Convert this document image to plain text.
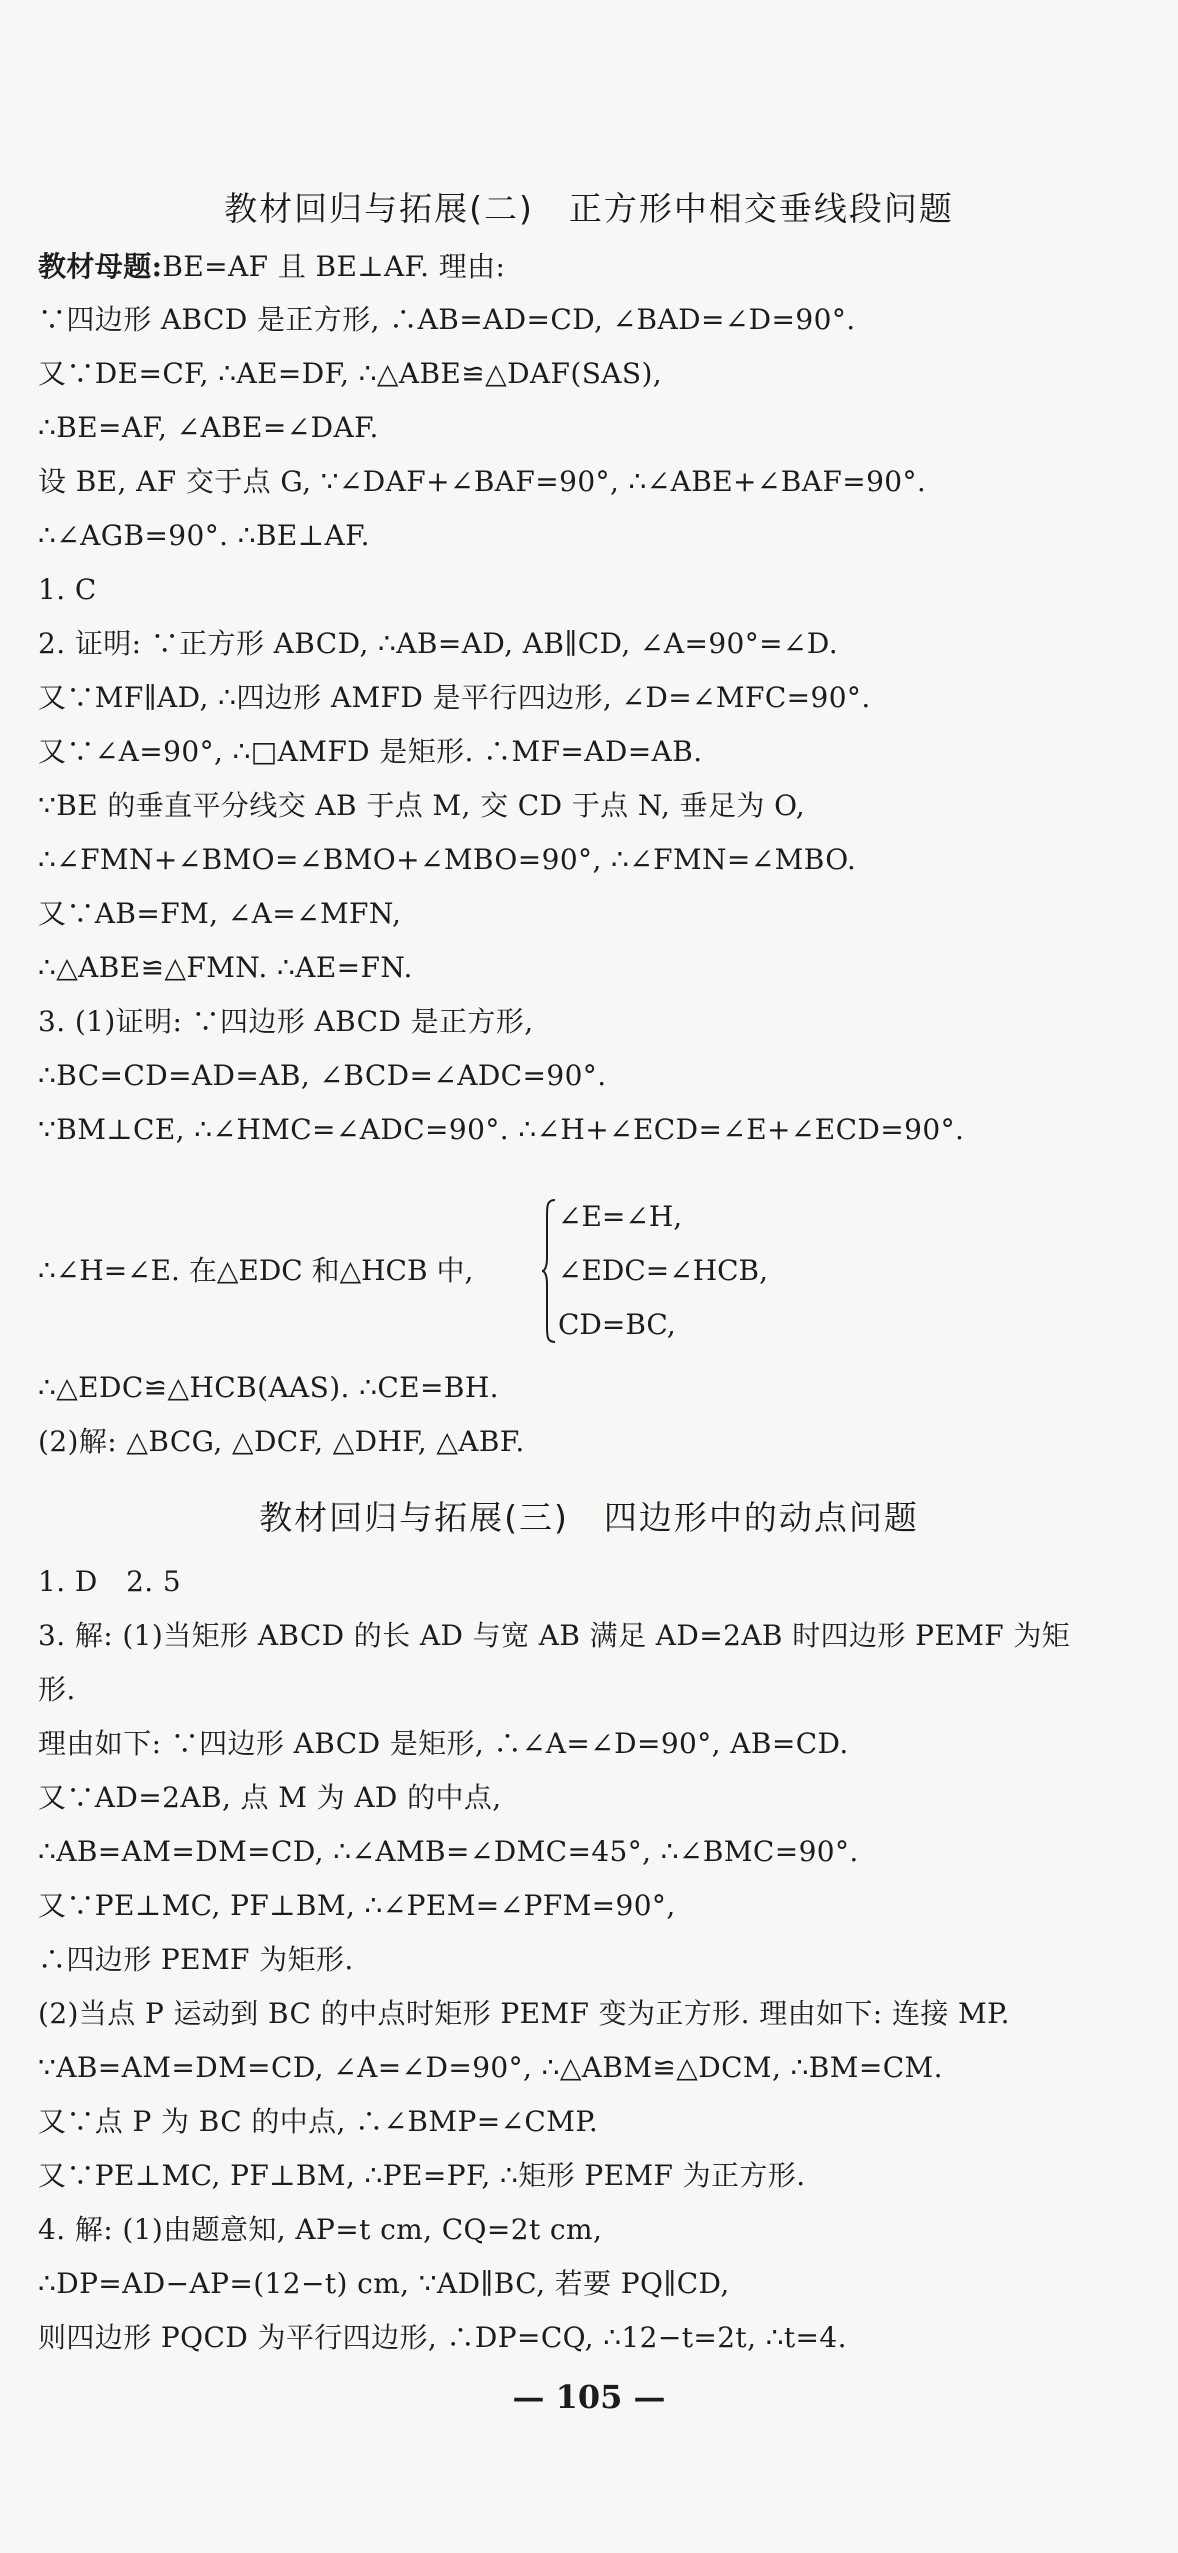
教材回归与拓展(二)　正方形中相交垂线段问题
教材母题:BE=AF 且 BE⊥AF. 理由:
∵四边形 ABCD 是正方形, ∴AB=AD=CD, ∠BAD=∠D=90°.
又∵DE=CF, ∴AE=DF, ∴△ABE≌△DAF(SAS),
∴BE=AF, ∠ABE=∠DAF.
设 BE, AF 交于点 G, ∵∠DAF+∠BAF=90°, ∴∠ABE+∠BAF=90°.
∴∠AGB=90°. ∴BE⊥AF.
1. C
2. 证明: ∵正方形 ABCD, ∴AB=AD, AB∥CD, ∠A=90°=∠D.
又∵MF∥AD, ∴四边形 AMFD 是平行四边形, ∠D=∠MFC=90°.
又∵∠A=90°, ∴□AMFD 是矩形. ∴MF=AD=AB.
∵BE 的垂直平分线交 AB 于点 M, 交 CD 于点 N, 垂足为 O,
∴∠FMN+∠BMO=∠BMO+∠MBO=90°, ∴∠FMN=∠MBO.
又∵AB=FM, ∠A=∠MFN,
∴△ABE≌△FMN. ∴AE=FN.
3. (1)证明: ∵四边形 ABCD 是正方形,
∴BC=CD=AD=AB, ∠BCD=∠ADC=90°.
∵BM⊥CE, ∴∠HMC=∠ADC=90°. ∴∠H+∠ECD=∠E+∠ECD=90°.
∴∠H=∠E. 在△EDC 和△HCB 中,
∠E=∠H,
∠EDC=∠HCB,
CD=BC,
∴△EDC≌△HCB(AAS). ∴CE=BH.
(2)解: △BCG, △DCF, △DHF, △ABF.
教材回归与拓展(三)　四边形中的动点问题
1. D　2. 5
3. 解: (1)当矩形 ABCD 的长 AD 与宽 AB 满足 AD=2AB 时四边形 PEMF 为矩
形.
理由如下: ∵四边形 ABCD 是矩形, ∴∠A=∠D=90°, AB=CD.
又∵AD=2AB, 点 M 为 AD 的中点,
∴AB=AM=DM=CD, ∴∠AMB=∠DMC=45°, ∴∠BMC=90°.
又∵PE⊥MC, PF⊥BM, ∴∠PEM=∠PFM=90°,
∴四边形 PEMF 为矩形.
(2)当点 P 运动到 BC 的中点时矩形 PEMF 变为正方形. 理由如下: 连接 MP.
∵AB=AM=DM=CD, ∠A=∠D=90°, ∴△ABM≌△DCM, ∴BM=CM.
又∵点 P 为 BC 的中点, ∴∠BMP=∠CMP.
又∵PE⊥MC, PF⊥BM, ∴PE=PF, ∴矩形 PEMF 为正方形.
4. 解: (1)由题意知, AP=t cm, CQ=2t cm,
∴DP=AD−AP=(12−t) cm, ∵AD∥BC, 若要 PQ∥CD,
则四边形 PQCD 为平行四边形, ∴DP=CQ, ∴12−t=2t, ∴t=4.
— 105 —
